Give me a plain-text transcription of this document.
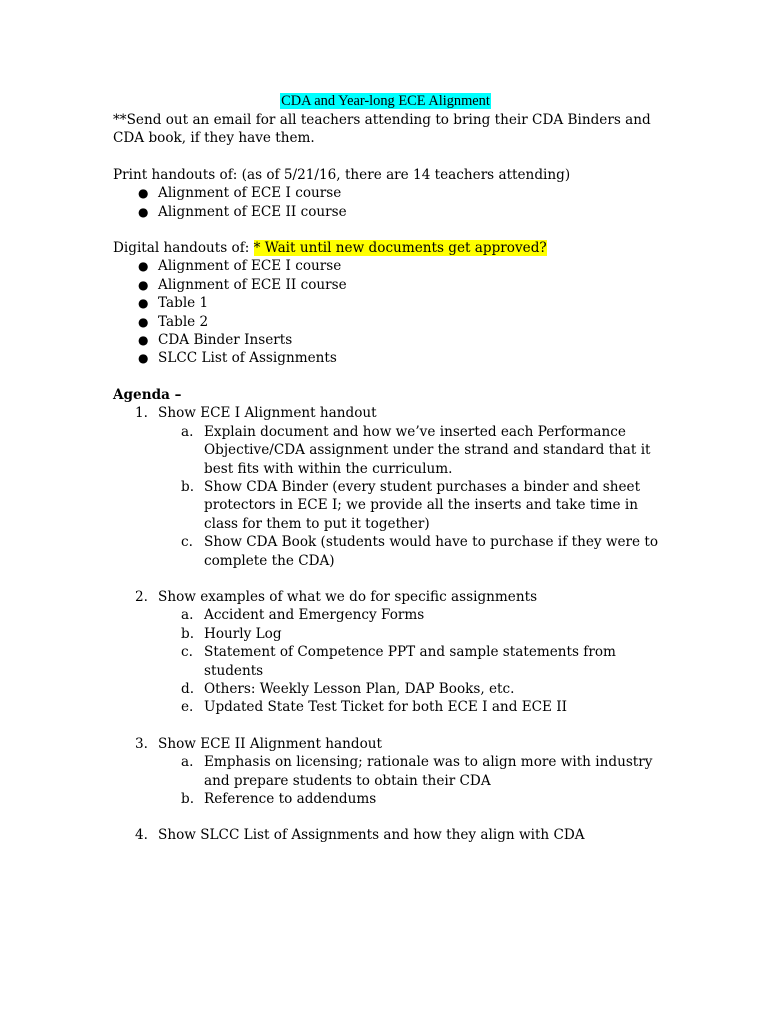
CDA and Year-long ECE Alignment

**Send out an email for all teachers attending to bring their CDA Binders and CDA book, if they have them.

Print handouts of: (as of 5/21/16, there are 14 teachers attending)

● Alignment of ECE I course
● Alignment of ECE II course

Digital handouts of: * Wait until new documents get approved?

● Alignment of ECE I course
● Alignment of ECE II course
● Table 1
● Table 2
● CDA Binder Inserts
● SLCC List of Assignments

Agenda –

1. Show ECE I Alignment handout
a. Explain document and how we’ve inserted each Performance Objective/CDA assignment under the strand and standard that it best fits with within the curriculum.
b. Show CDA Binder (every student purchases a binder and sheet protectors in ECE I; we provide all the inserts and take time in class for them to put it together)
c. Show CDA Book (students would have to purchase if they were to complete the CDA)
2. Show examples of what we do for specific assignments
a. Accident and Emergency Forms
b. Hourly Log
c. Statement of Competence PPT and sample statements from students
d. Others: Weekly Lesson Plan, DAP Books, etc.
e. Updated State Test Ticket for both ECE I and ECE II
3. Show ECE II Alignment handout
a. Emphasis on licensing; rationale was to align more with industry and prepare students to obtain their CDA
b. Reference to addendums
4. Show SLCC List of Assignments and how they align with CDA
